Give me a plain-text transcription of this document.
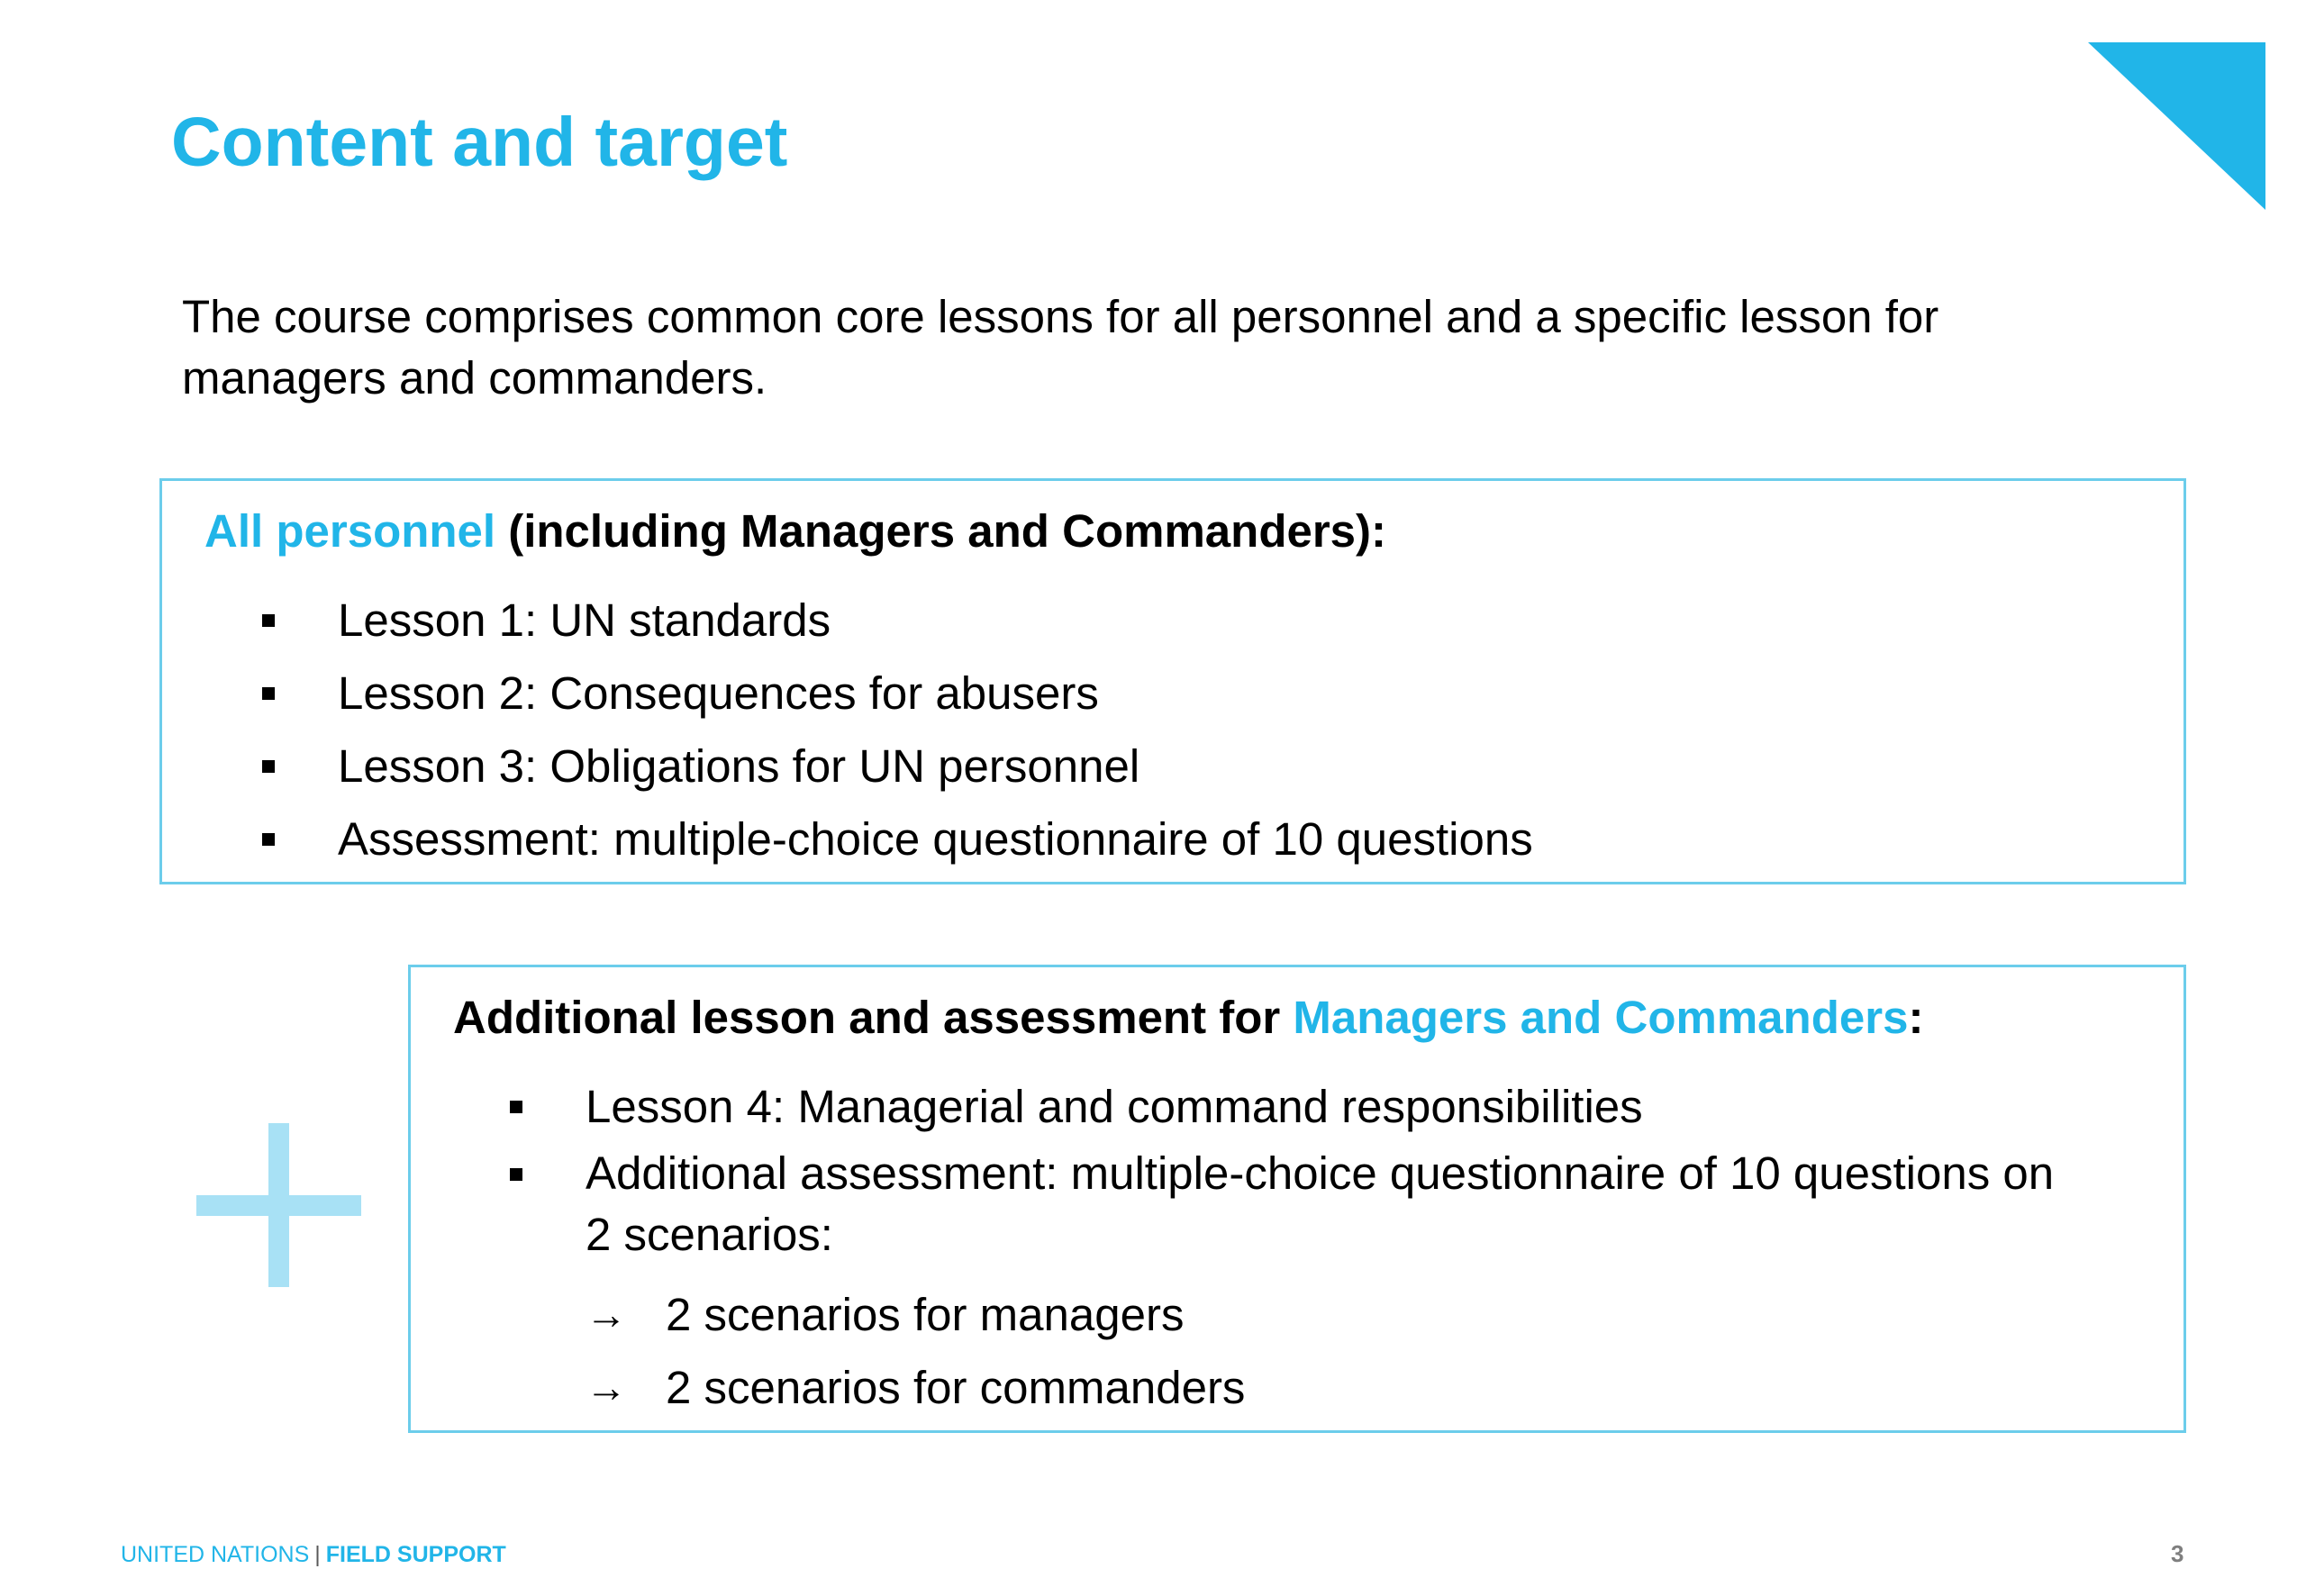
Content and target
The course comprises common core lessons for all personnel and a specific lesson for
managers and commanders.
All personnel (including Managers and Commanders):
Lesson 1: UN standards
Lesson 2: Consequences for abusers
Lesson 3: Obligations for UN personnel
Assessment: multiple-choice questionnaire of 10 questions
Additional lesson and assessment for Managers and Commanders:
Lesson 4: Managerial and command responsibilities
Additional assessment: multiple-choice questionnaire of 10 questions on
2 scenarios:
→ 2 scenarios for managers
→ 2 scenarios for commanders
UNITED NATIONS | FIELD SUPPORT	3
